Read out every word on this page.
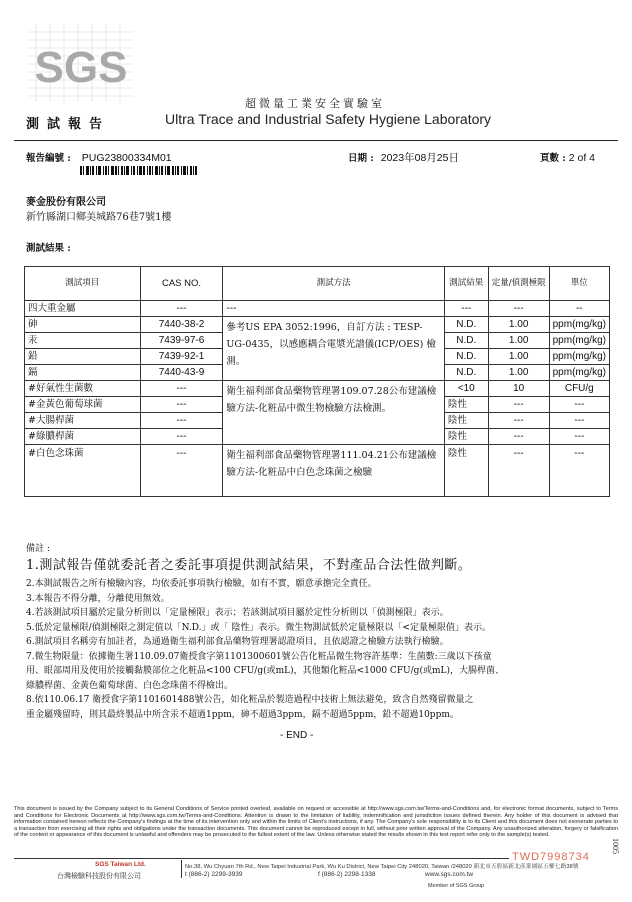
SGS
超微量工業安全實驗室
測試報告	Ultra Trace and Industrial Safety Hygiene Laboratory
報告編號 : PUG23800334M01	日期 : 2023年08月25日	頁數 : 2 of 4
麥金股份有限公司
新竹縣湖口鄉美城路76巷7號1樓
測試結果 :
測試項目	CAS NO.	測試方法	測試結果	定量/偵測極限	單位
四大重金屬	---	---	---	---	--
砷	7440-38-2	參考US EPA 3052:1996，自訂方法 : TESP-UG-0435，以感應耦合電漿光譜儀(ICP/OES) 檢測。	N.D.	1.00	ppm(mg/kg)
汞	7439-97-6		N.D.	1.00	ppm(mg/kg)
鉛	7439-92-1		N.D.	1.00	ppm(mg/kg)
鎘	7440-43-9		N.D.	1.00	ppm(mg/kg)
#好氣性生菌數	---	衛生福利部食品藥物管理署109.07.28公布建議檢驗方法-化粧品中微生物檢驗方法檢測。	<10	10	CFU/g
#金黃色葡萄球菌	---		陰性	---	---
#大腸桿菌	---		陰性	---	---
#綠膿桿菌	---		陰性	---	---
#白色念珠菌	---	衛生福利部食品藥物管理署111.04.21公布建議檢驗方法-化粧品中白色念珠菌之檢驗	陰性	---	---
備註 :
1.測試報告僅就委託者之委託事項提供測試結果，不對產品合法性做判斷。
2.本測試報告之所有檢驗內容，均依委託事項執行檢驗，如有不實，願意承擔完全責任。
3.本報告不得分離，分離使用無效。
4.若該測試項目屬於定量分析則以「定量極限」表示；若該測試項目屬於定性分析則以「偵測極限」表示。
5.低於定量極限/偵測極限之測定值以「N.D.」或「 陰性」表示。微生物測試低於定量極限以「<定量極限值」表示。
6.測試項目名稱旁有加註者，為通過衛生福利部食品藥物管理署認證項目，且依認證之檢驗方法執行檢驗。
7.微生物限量：依據衛生署110.09.07衛授食字第1101300601號公告化粧品微生物容許基準：生菌數:三歲以下孩童
用、眼部周用及使用於接觸黏膜部位之化粧品<100 CFU/g(或mL)，其他類化粧品<1000 CFU/g(或mL)，大腸桿菌、
綠膿桿菌、金黃色葡萄球菌、白色念珠菌不得檢出。
8.依110.06.17 衛授食字第1101601488號公告，如化粧品於製造過程中技術上無法避免，致含自然殘留微量之
重金屬殘留時，則其最終製品中所含汞不超過1ppm，砷不超過3ppm，鎘不超過5ppm，鉛不超過10ppm。
- END -
This document is issued by the Company subject to its General Conditions of Service printed overleaf, available on request or accessible at http://www.sgs.com.tw/Terms-and-Conditions and, for electronic format documents, subject to Terms and Conditions for Electronic Documents at http://www.sgs.com.tw/Terms-and-Conditions. Attention is drawn to the limitation of liability, indemnification and jurisdiction issues defined therein. Any holder of this document is advised that information contained hereon reflects the Company's findings at the time of its intervention only and within the limits of Client's instructions, if any. The Company's sole responsibility is to its Client and this document does not exonerate parties to a transaction from exercising all their rights and obligations under the transaction documents. This document cannot be reproduced except in full, without prior written approval of the Company. Any unauthorized alteration, forgery or falsification of the content or appearance of this document is unlawful and offenders may be prosecuted to the fullest extent of the law. Unless otherwise stated the results shown in this test report refer only to the sample(s) tested.
TWD7998734
1005
SGS Taiwan Ltd.
台灣檢驗科技股份有限公司
No.38, Wu Chyuan 7th Rd., New Taipei Industrial Park, Wu Ku District, New Taipei City 248020, Taiwan /248020 新北市五股區新北產業園區五權七路38號
t (886-2) 2299-3939	f (886-2) 2298-1338	www.sgs.com.tw
Member of SGS Group
